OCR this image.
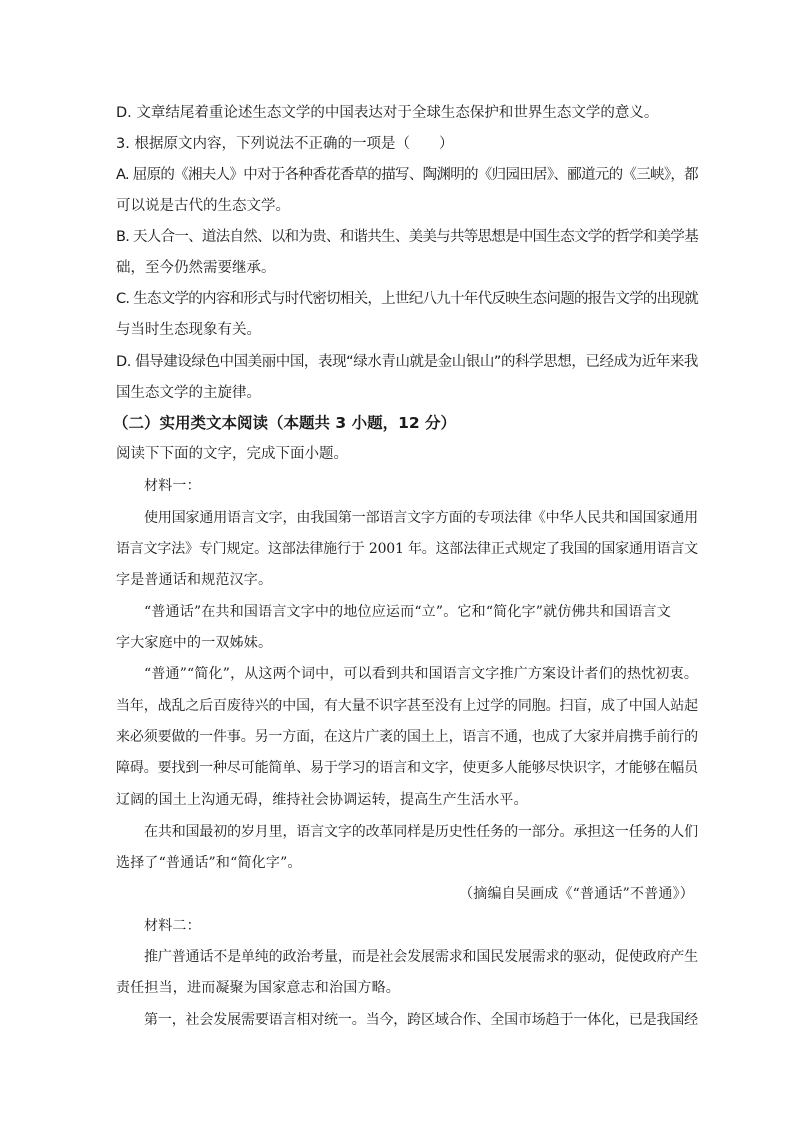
D. 文章结尾着重论述生态文学的中国表达对于全球生态保护和世界生态文学的意义。
3. 根据原文内容，下列说法不正确的一项是（　　）
A. 屈原的《湘夫人》中对于各种香花香草的描写、陶渊明的《归园田居》、郦道元的《三峡》，都
可以说是古代的生态文学。
B. 天人合一、道法自然、以和为贵、和谐共生、美美与共等思想是中国生态文学的哲学和美学基
础，至今仍然需要继承。
C. 生态文学的内容和形式与时代密切相关，上世纪八九十年代反映生态问题的报告文学的出现就
与当时生态现象有关。
D. 倡导建设绿色中国美丽中国，表现“绿水青山就是金山银山”的科学思想，已经成为近年来我
国生态文学的主旋律。
（二）实用类文本阅读（本题共 3 小题，12 分）
阅读下下面的文字，完成下面小题。
材料一：
使用国家通用语言文字，由我国第一部语言文字方面的专项法律《中华人民共和国国家通用
语言文字法》专门规定。这部法律施行于 2001 年。这部法律正式规定了我国的国家通用语言文
字是普通话和规范汉字。
“普通话”在共和国语言文字中的地位应运而“立”。它和“简化字”就仿佛共和国语言文
字大家庭中的一双姊妹。
“普通”“简化”，从这两个词中，可以看到共和国语言文字推广方案设计者们的热忱初衷。
当年，战乱之后百废待兴的中国，有大量不识字甚至没有上过学的同胞。扫盲，成了中国人站起
来必须要做的一件事。另一方面，在这片广袤的国土上，语言不通，也成了大家并肩携手前行的
障碍。要找到一种尽可能简单、易于学习的语言和文字，使更多人能够尽快识字，才能够在幅员
辽阔的国土上沟通无碍，维持社会协调运转，提高生产生活水平。
在共和国最初的岁月里，语言文字的改革同样是历史性任务的一部分。承担这一任务的人们
选择了“普通话”和“简化字”。
（摘编自吴画成《“普通话”不普通》）
材料二：
推广普通话不是单纯的政治考量，而是社会发展需求和国民发展需求的驱动，促使政府产生
责任担当，进而凝聚为国家意志和治国方略。
第一，社会发展需要语言相对统一。当今，跨区域合作、全国市场趋于一体化，已是我国经
